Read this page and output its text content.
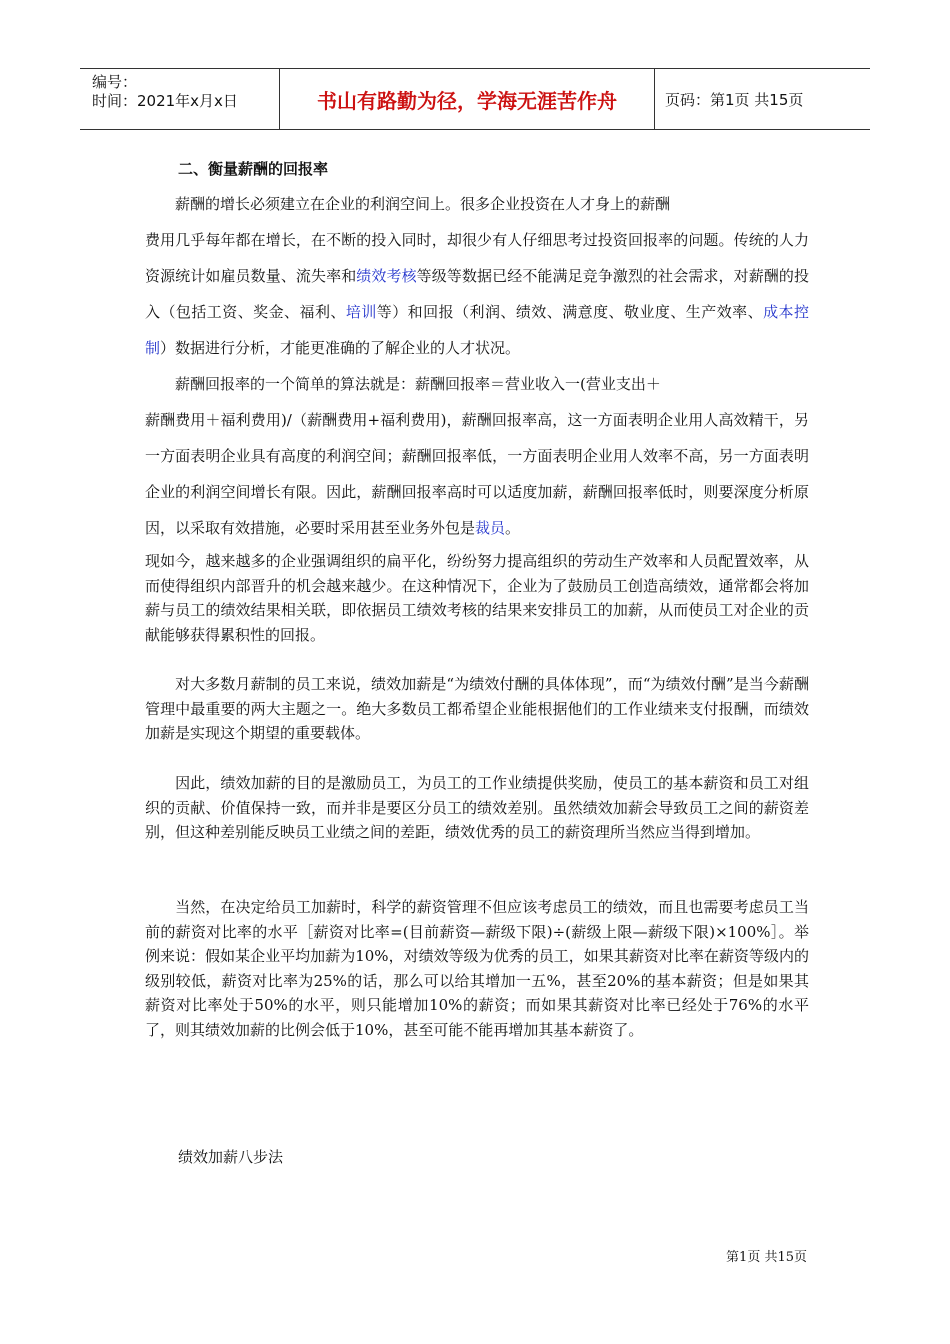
编号：
时间：2021年x月x日	书山有路勤为径，学海无涯苦作舟	页码：第1页 共15页
二、衡量薪酬的回报率
薪酬的增长必须建立在企业的利润空间上。很多企业投资在人才身上的薪酬
费用几乎每年都在增长，在不断的投入同时，却很少有人仔细思考过投资回报率的问题。传统的人力资源统计如雇员数量、流失率和绩效考核等级等数据已经不能满足竞争激烈的社会需求，对薪酬的投入（包括工资、奖金、福利、培训等）和回报（利润、绩效、满意度、敬业度、生产效率、成本控制）数据进行分析，才能更准确的了解企业的人才状况。
薪酬回报率的一个简单的算法就是：薪酬回报率＝营业收入一(营业支出＋
薪酬费用＋福利费用)/（薪酬费用+福利费用)，薪酬回报率高，这一方面表明企业用人高效精干，另一方面表明企业具有高度的利润空间；薪酬回报率低，一方面表明企业用人效率不高，另一方面表明企业的利润空间增长有限。因此，薪酬回报率高时可以适度加薪，薪酬回报率低时，则要深度分析原因，以采取有效措施，必要时采用甚至业务外包是裁员。
现如今，越来越多的企业强调组织的扁平化，纷纷努力提高组织的劳动生产效率和人员配置效率，从而使得组织内部晋升的机会越来越少。在这种情况下，企业为了鼓励员工创造高绩效，通常都会将加薪与员工的绩效结果相关联，即依据员工绩效考核的结果来安排员工的加薪，从而使员工对企业的贡献能够获得累积性的回报。
对大多数月薪制的员工来说，绩效加薪是“为绩效付酬的具体体现”，而“为绩效付酬”是当今薪酬管理中最重要的两大主题之一。绝大多数员工都希望企业能根据他们的工作业绩来支付报酬，而绩效加薪是实现这个期望的重要载体。
因此，绩效加薪的目的是激励员工，为员工的工作业绩提供奖励，使员工的基本薪资和员工对组织的贡献、价值保持一致，而并非是要区分员工的绩效差别。虽然绩效加薪会导致员工之间的薪资差别，但这种差别能反映员工业绩之间的差距，绩效优秀的员工的薪资理所当然应当得到增加。
当然，在决定给员工加薪时，科学的薪资管理不但应该考虑员工的绩效，而且也需要考虑员工当前的薪资对比率的水平［薪资对比率=(目前薪资—薪级下限)÷(薪级上限—薪级下限)×100%］。举例来说：假如某企业平均加薪为10%，对绩效等级为优秀的员工，如果其薪资对比率在薪资等级内的级别较低，薪资对比率为25%的话，那么可以给其增加一五%，甚至20%的基本薪资；但是如果其薪资对比率处于50%的水平，则只能增加10%的薪资；而如果其薪资对比率已经处于76%的水平了，则其绩效加薪的比例会低于10%，甚至可能不能再增加其基本薪资了。
绩效加薪八步法
第1页 共15页
